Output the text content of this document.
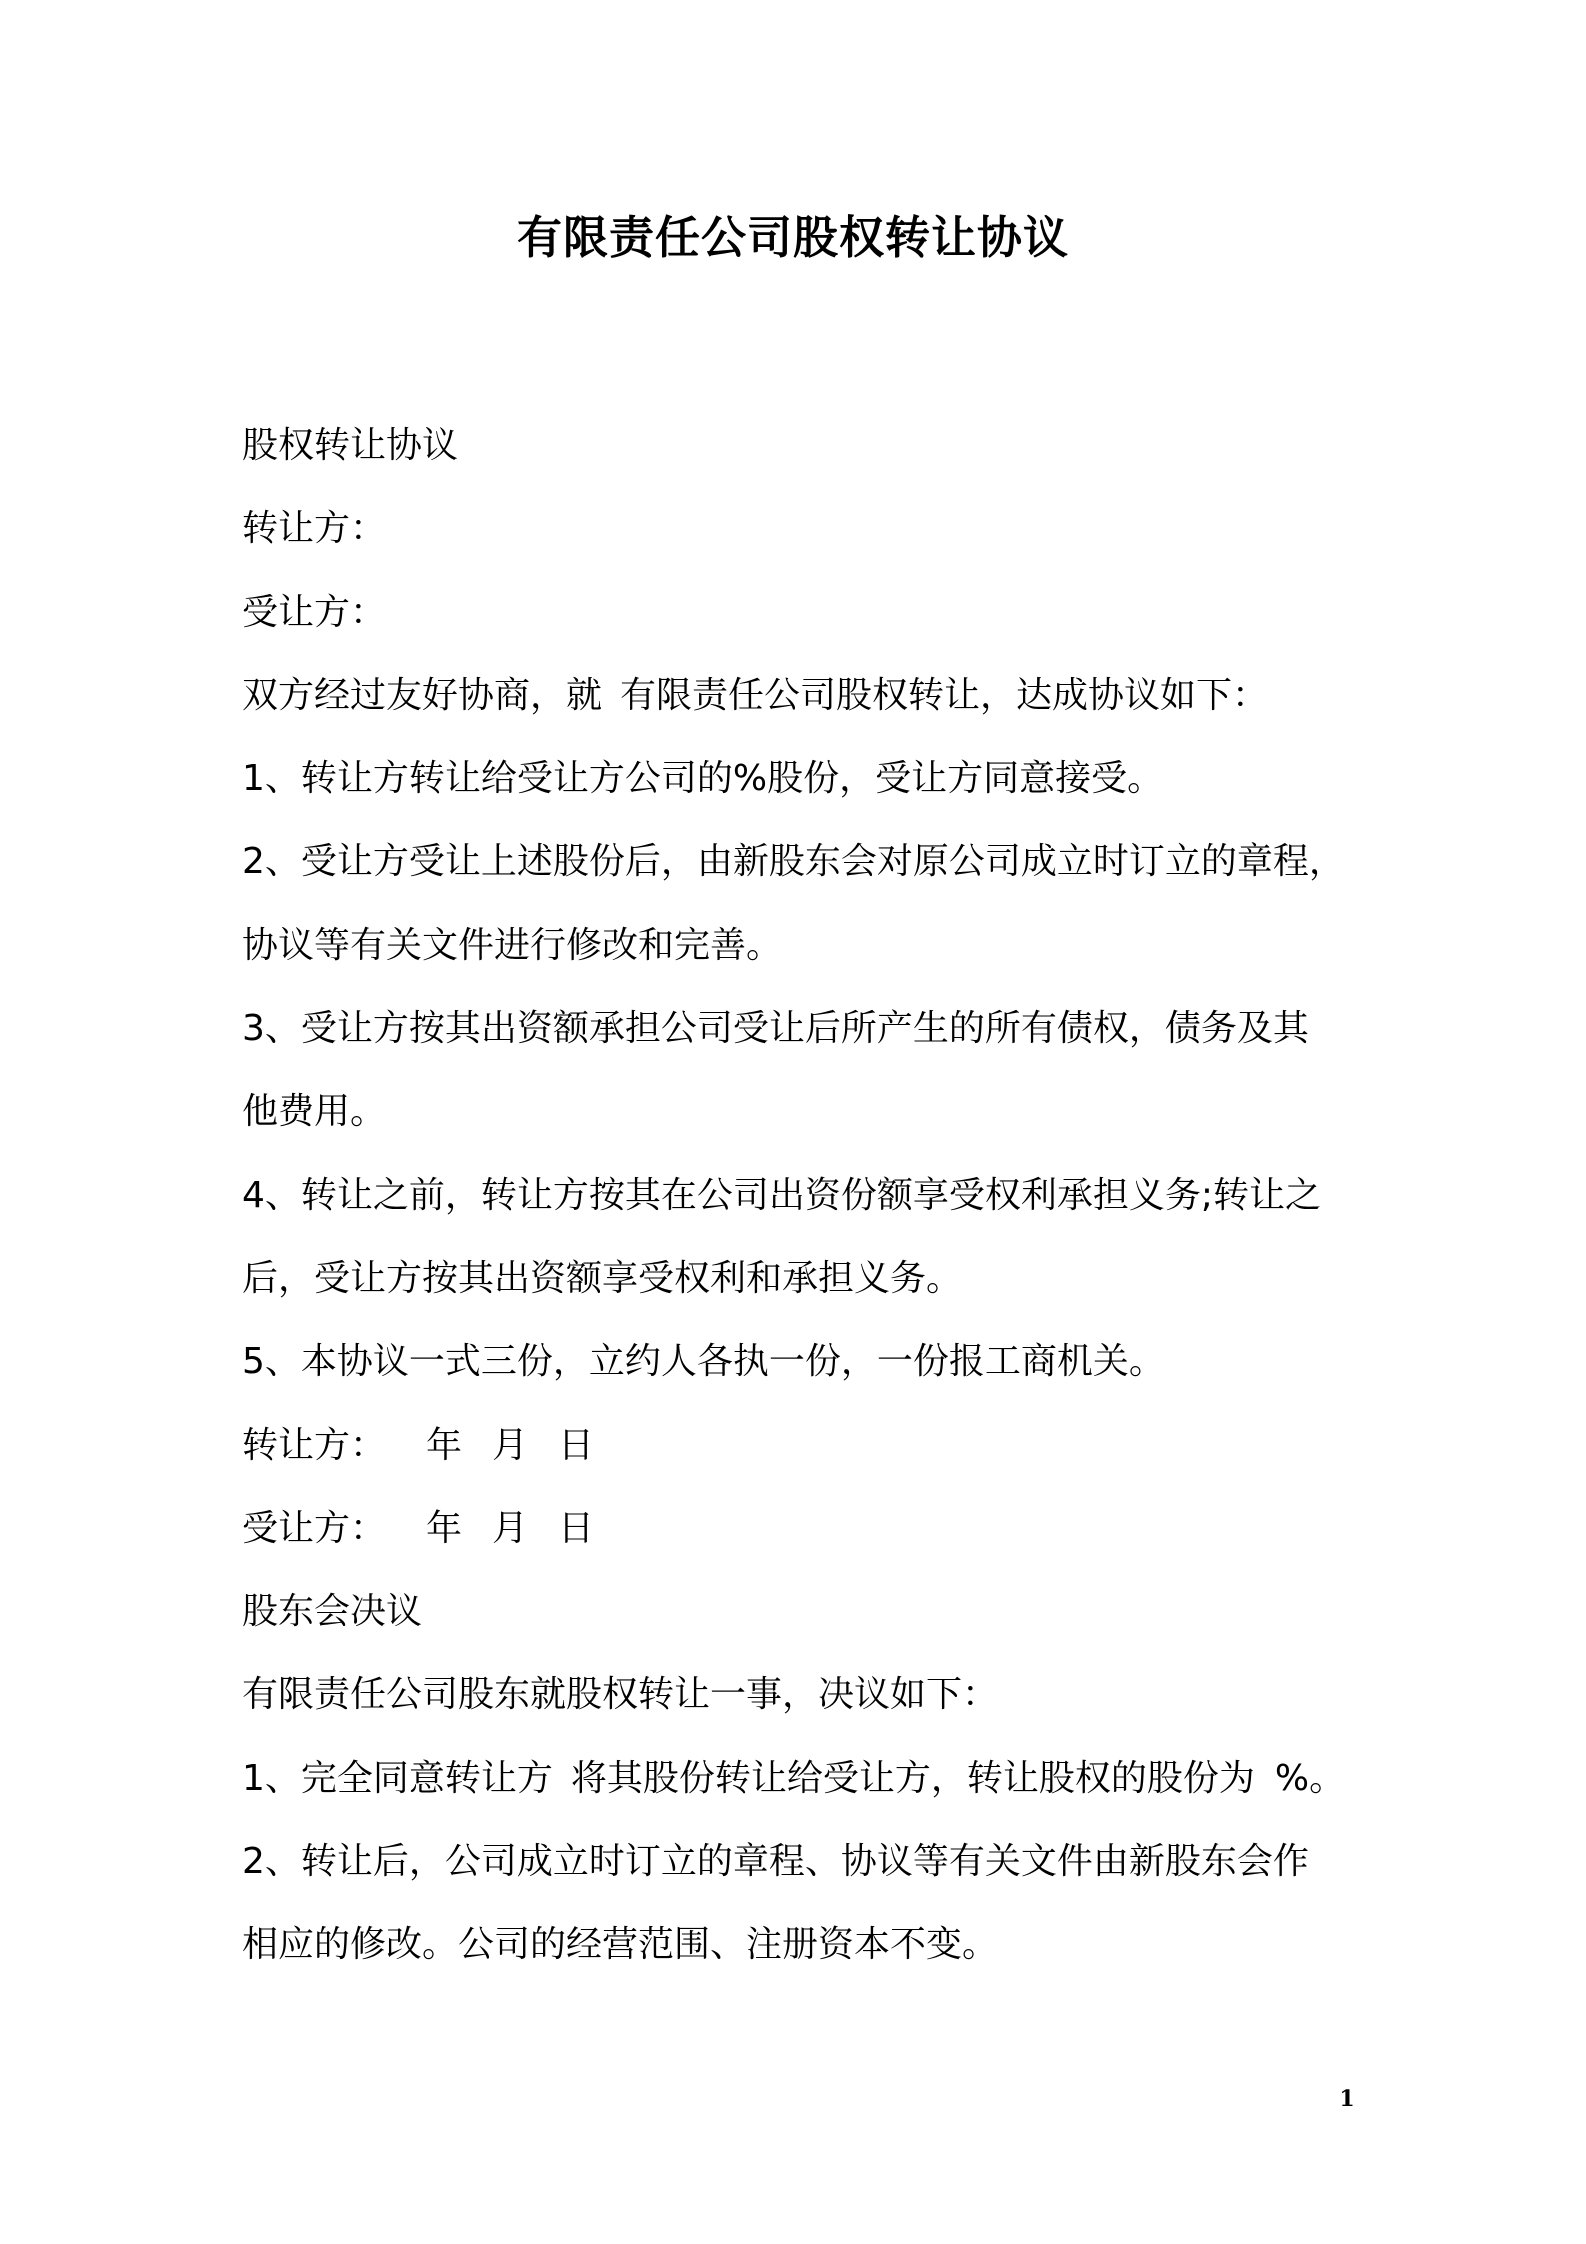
有限责任公司股权转让协议
股权转让协议
转让方：
受让方：
双方经过友好协商，就 有限责任公司股权转让，达成协议如下：
1、转让方转让给受让方公司的%股份，受让方同意接受。
2、受让方受让上述股份后，由新股东会对原公司成立时订立的章程，
协议等有关文件进行修改和完善。
3、受让方按其出资额承担公司受让后所产生的所有债权，债务及其
他费用。
4、转让之前，转让方按其在公司出资份额享受权利承担义务;转让之
后，受让方按其出资额享受权利和承担义务。
5、本协议一式三份，立约人各执一份，一份报工商机关。
转让方： 年 月 日
受让方： 年 月 日
股东会决议
有限责任公司股东就股权转让一事，决议如下：
1、完全同意转让方 将其股份转让给受让方，转让股权的股份为 %。
2、转让后，公司成立时订立的章程、协议等有关文件由新股东会作
相应的修改。公司的经营范围、注册资本不变。
1
